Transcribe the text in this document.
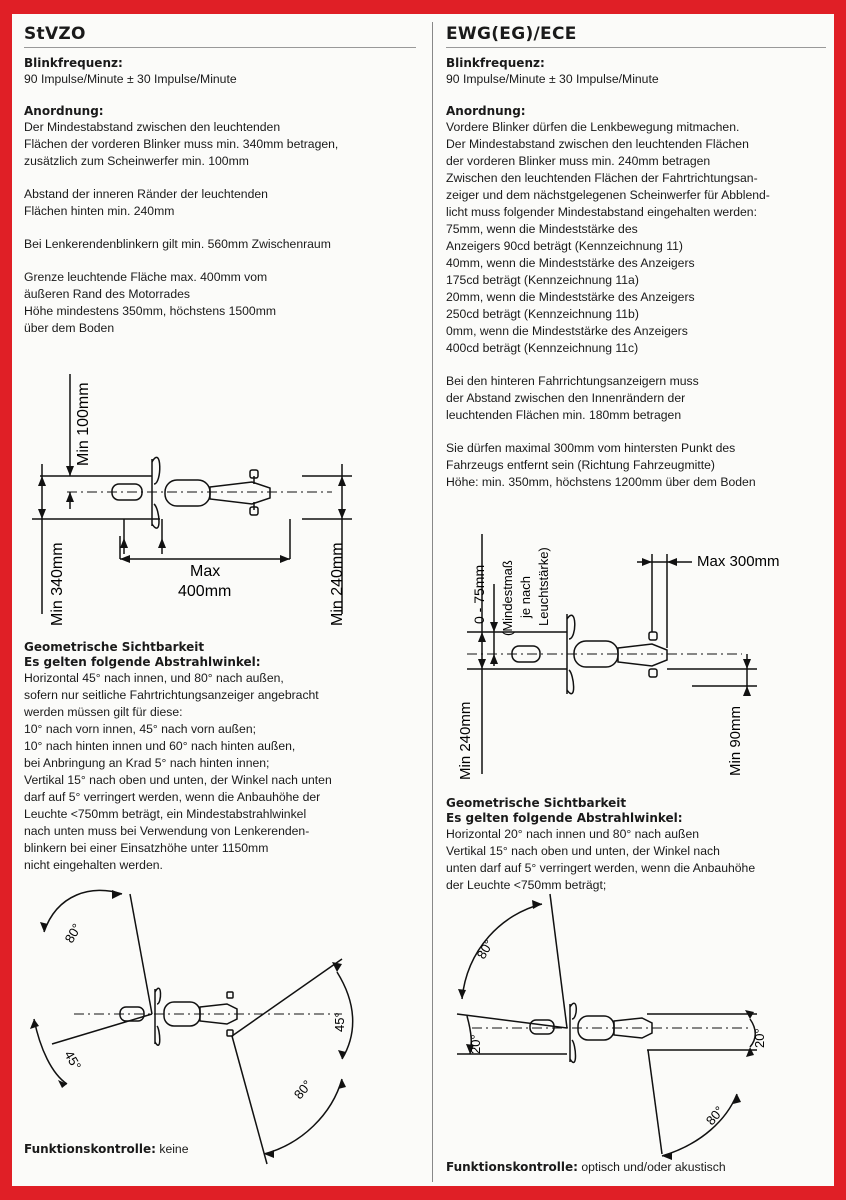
StVZO
Blinkfrequenz:

90 Impulse/Minute ± 30 Impulse/Minute

Anordnung:

Der Mindestabstand zwischen den leuchtenden

Flächen der vorderen Blinker muss min. 340mm betragen,

zusätzlich zum Scheinwerfer min. 100mm

Abstand der inneren Ränder der leuchtenden

Flächen hinten min. 240mm

Bei Lenkerendenblinkern gilt min. 560mm Zwischenraum

Grenze leuchtende Fläche max. 400mm vom

äußeren Rand des Motorrades

Höhe mindestens 350mm, höchstens 1500mm

über dem Boden

Min 100mm
Min 340mm	Max
400mm	Min 240mm
Geometrische Sichtbarkeit
Es gelten folgende Abstrahlwinkel:

Horizontal 45° nach innen, und 80° nach außen,

sofern nur seitliche Fahrtrichtungsanzeiger angebracht

werden müssen gilt für diese:

10° nach vorn innen, 45° nach vorn außen;

10° nach hinten innen und 60° nach hinten außen,

bei Anbringung an Krad 5° nach hinten innen;

Vertikal 15° nach oben und unten, der Winkel nach unten

darf auf 5° verringert werden, wenn die Anbauhöhe der

Leuchte <750mm beträgt, ein Mindestabstrahlwinkel

nach unten muss bei Verwendung von Lenkerenden-

blinkern bei einer Einsatzhöhe unter 1150mm

nicht eingehalten werden.

80°
45°
45°
80°
Funktionskontrolle: keine
EWG(EG)/ECE
Blinkfrequenz:

90 Impulse/Minute ± 30 Impulse/Minute

Anordnung:

Vordere Blinker dürfen die Lenkbewegung mitmachen.

Der Mindestabstand zwischen den leuchtenden Flächen

der vorderen Blinker muss min. 240mm betragen

Zwischen den leuchtenden Flächen der Fahrtrichtungsan-

zeiger und dem nächstgelegenen Scheinwerfer für Abblend-

licht muss folgender Mindestabstand eingehalten werden:

75mm, wenn die Mindeststärke des

Anzeigers 90cd beträgt (Kennzeichnung 11)

40mm, wenn die Mindeststärke des Anzeigers

175cd beträgt (Kennzeichnung 11a)

20mm, wenn die Mindeststärke des Anzeigers

250cd beträgt (Kennzeichnung 11b)

0mm, wenn die Mindeststärke des Anzeigers

400cd beträgt (Kennzeichnung 11c)

Bei den hinteren Fahrrichtungsanzeigern muss

der Abstand zwischen den Innenrändern der

leuchtenden Flächen min. 180mm betragen

Sie dürfen maximal 300mm vom hintersten Punkt des

Fahrzeugs entfernt sein (Richtung Fahrzeugmitte)

Höhe: min. 350mm, höchstens 1200mm über dem Boden

0 - 75mm (Mindestmaß je nach Leuchtstärke)	Max 300mm
Min 240mm	Min 90mm
Geometrische Sichtbarkeit
Es gelten folgende Abstrahlwinkel:

Horizontal 20° nach innen und 80° nach außen

Vertikal 15° nach oben und unten, der Winkel nach

unten darf auf 5° verringert werden, wenn die Anbauhöhe

der Leuchte <750mm beträgt;

80°
20°	20°
80°
Funktionskontrolle: optisch und/oder akustisch
